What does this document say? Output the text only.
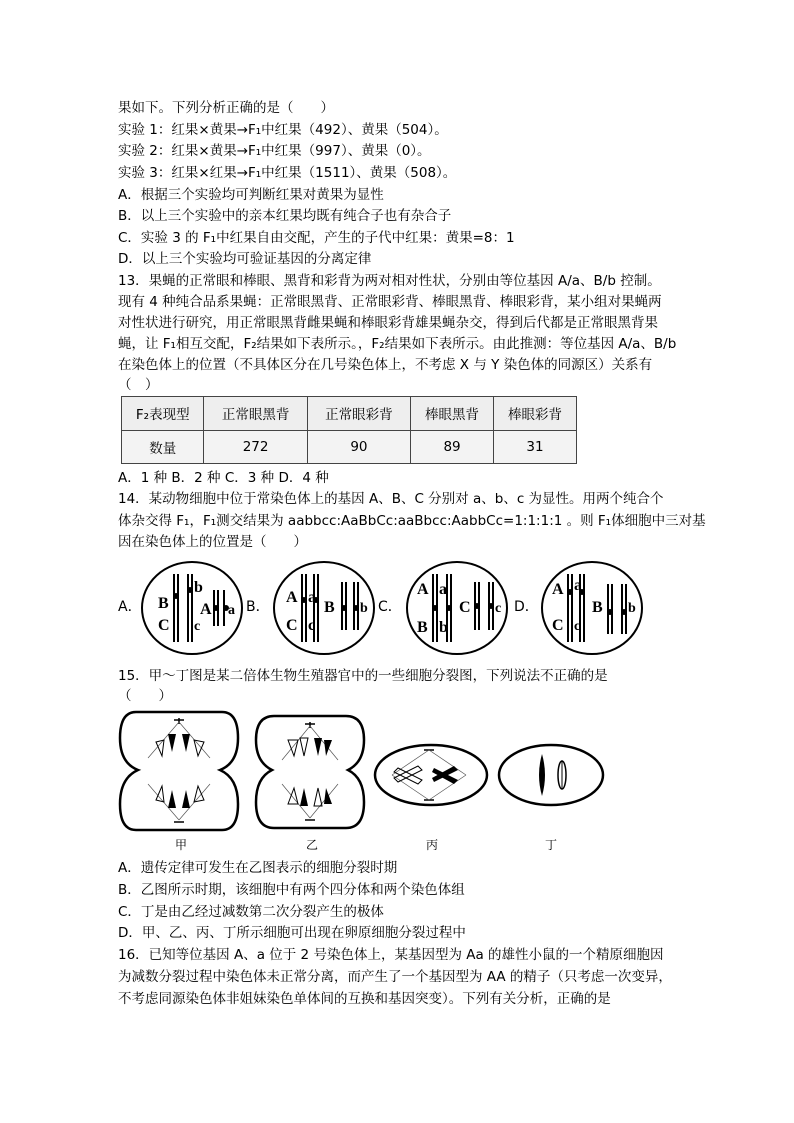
果如下。下列分析正确的是（　　）
实验 1：红果×黄果→F₁中红果（492）、黄果（504）。
实验 2：红果×黄果→F₁中红果（997）、黄果（0）。
实验 3：红果×红果→F₁中红果（1511）、黄果（508）。
A．根据三个实验均可判断红果对黄果为显性
B．以上三个实验中的亲本红果均既有纯合子也有杂合子
C．实验 3 的 F₁中红果自由交配，产生的子代中红果：黄果=8：1
D．以上三个实验均可验证基因的分离定律
13．果蝇的正常眼和棒眼、黑背和彩背为两对相对性状，分别由等位基因 A/a、B/b 控制。
现有 4 种纯合品系果蝇：正常眼黑背、正常眼彩背、棒眼黑背、棒眼彩背，某小组对果蝇两
对性状进行研究，用正常眼黑背雌果蝇和棒眼彩背雄果蝇杂交，得到后代都是正常眼黑背果
蝇，让 F₁相互交配，F₂结果如下表所示。，F₂结果如下表所示。由此推测：等位基因 A/a、B/b
在染色体上的位置（不具体区分在几号染色体上，不考虑 X 与 Y 染色体的同源区）关系有
（　）
F₂表现型	正常眼黑背	正常眼彩背	棒眼黑背	棒眼彩背
数量	272	90	89	31
A．1 种 B．2 种 C．3 种 D．4 种
14．某动物细胞中位于常染色体上的基因 A、B、C 分别对 a、b、c 为显性。用两个纯合个
体杂交得 F₁，F₁测交结果为 aabbcc:AaBbCc:aaBbcc:AabbCc=1:1:1:1 。则 F₁体细胞中三对基
因在染色体上的位置是（　　）
A．	B．	C．	D．
B
C
b
c
A a
A
C
a
c
B b
A
B
a
b
C c
A
C
a
c
B b
15．甲～丁图是某二倍体生物生殖器官中的一些细胞分裂图，下列说法不正确的是
（　　）
甲	乙	丙	丁
A．遗传定律可发生在乙图表示的细胞分裂时期
B．乙图所示时期，该细胞中有两个四分体和两个染色体组
C．丁是由乙经过减数第二次分裂产生的极体
D．甲、乙、丙、丁所示细胞可出现在卵原细胞分裂过程中
16．已知等位基因 A、a 位于 2 号染色体上，某基因型为 Aa 的雄性小鼠的一个精原细胞因
为减数分裂过程中染色体未正常分离，而产生了一个基因型为 AA 的精子（只考虑一次变异，
不考虑同源染色体非姐妹染色单体间的互换和基因突变）。下列有关分析，正确的是
